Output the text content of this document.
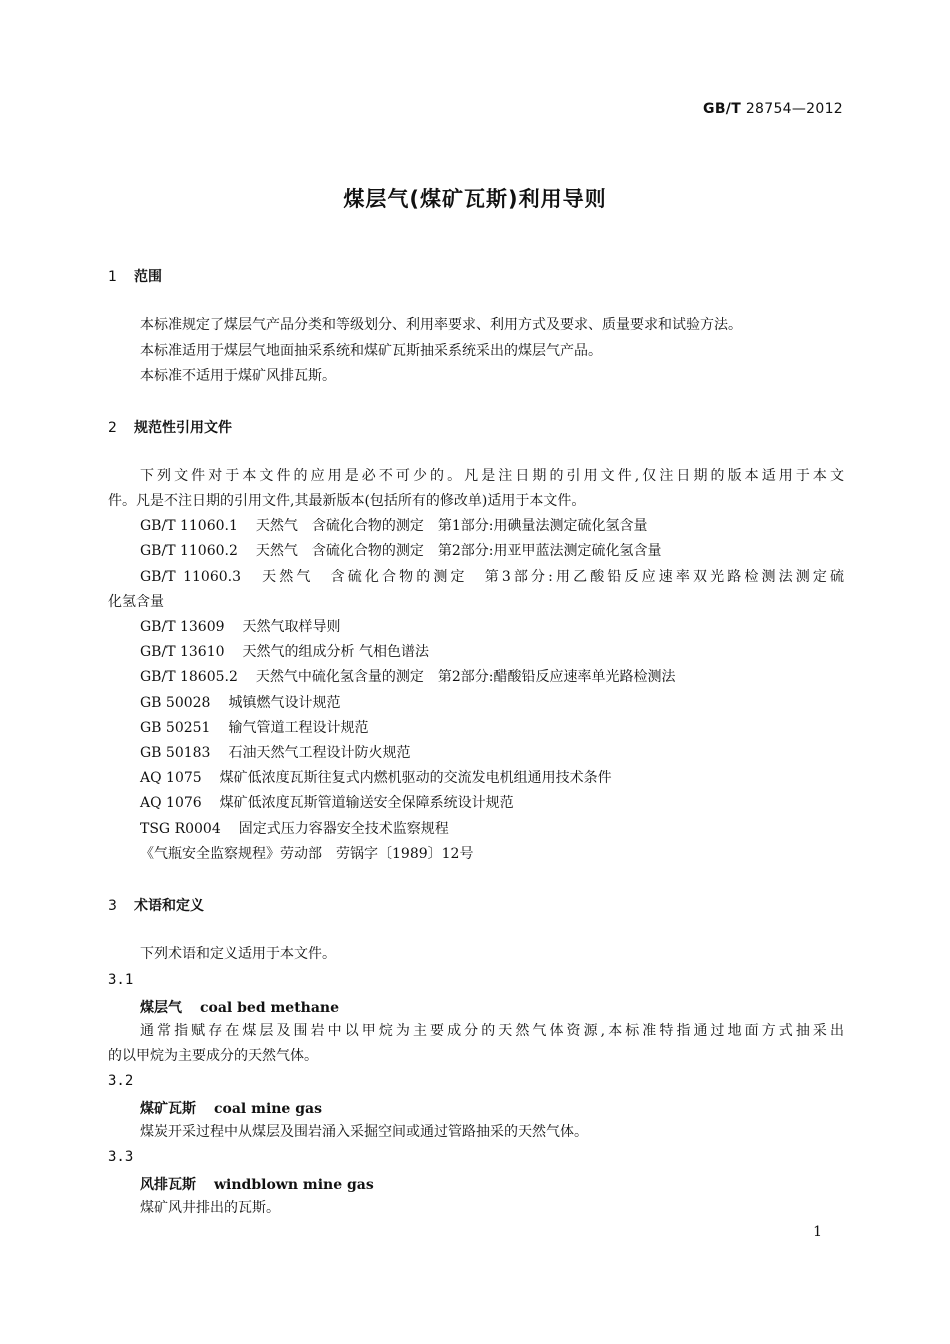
GB/T 28754—2012
煤层气(煤矿瓦斯)利用导则
1 范围
本标准规定了煤层气产品分类和等级划分、利用率要求、利用方式及要求、质量要求和试验方法。
本标准适用于煤层气地面抽采系统和煤矿瓦斯抽采系统采出的煤层气产品。
本标准不适用于煤矿风排瓦斯。
2 规范性引用文件
下列文件对于本文件的应用是必不可少的。凡是注日期的引用文件,仅注日期的版本适用于本文
件。凡是不注日期的引用文件,其最新版本(包括所有的修改单)适用于本文件。
GB/T 11060.1 天然气　含硫化合物的测定　第1部分:用碘量法测定硫化氢含量
GB/T 11060.2 天然气　含硫化合物的测定　第2部分:用亚甲蓝法测定硫化氢含量
GB/T 11060.3 天然气　含硫化合物的测定　第3部分:用乙酸铅反应速率双光路检测法测定硫
化氢含量
GB/T 13609 天然气取样导则
GB/T 13610 天然气的组成分析 气相色谱法
GB/T 18605.2 天然气中硫化氢含量的测定　第2部分:醋酸铅反应速率单光路检测法
GB 50028 城镇燃气设计规范
GB 50251 输气管道工程设计规范
GB 50183 石油天然气工程设计防火规范
AQ 1075 煤矿低浓度瓦斯往复式内燃机驱动的交流发电机组通用技术条件
AQ 1076 煤矿低浓度瓦斯管道输送安全保障系统设计规范
TSG R0004 固定式压力容器安全技术监察规程
《气瓶安全监察规程》劳动部　劳锅字〔1989〕12号
3 术语和定义
下列术语和定义适用于本文件。
3.1
煤层气 coal bed methane
通常指赋存在煤层及围岩中以甲烷为主要成分的天然气体资源,本标准特指通过地面方式抽采出
的以甲烷为主要成分的天然气体。
3.2
煤矿瓦斯 coal mine gas
煤炭开采过程中从煤层及围岩涌入采掘空间或通过管路抽采的天然气体。
3.3
风排瓦斯 windblown mine gas
煤矿风井排出的瓦斯。
1
